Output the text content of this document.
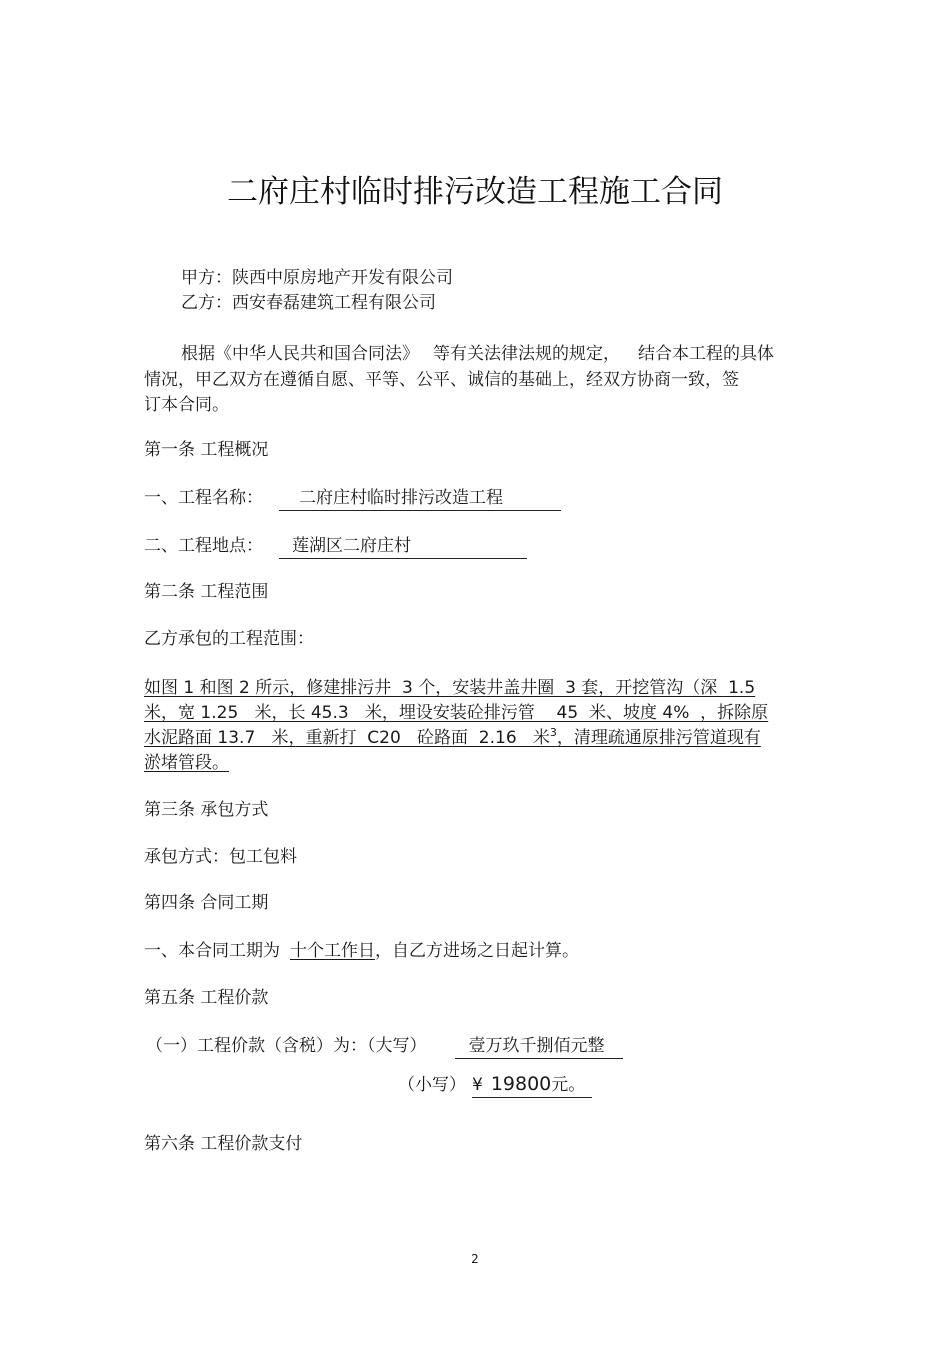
二府庄村临时排污改造工程施工合同
甲方：陕西中原房地产开发有限公司
乙方：西安春磊建筑工程有限公司
根据《中华人民共和国合同法》 等有关法律法规的规定， 结合本工程的具体
情况，甲乙双方在遵循自愿、平等、公平、诚信的基础上，经双方协商一致，签
订本合同。
第一条 工程概况
一、工程名称： 二府庄村临时排污改造工程
二、工程地点： 莲湖区二府庄村
第二条 工程范围
乙方承包的工程范围：
如图 1 和图 2 所示，修建排污井  3 个，安装井盖井圈  3 套，开挖管沟（深  1.5
米，宽 1.25   米，长 45.3   米，埋设安装砼排污管    45  米、坡度 4%  ，拆除原
水泥路面 13.7   米，重新打  C20   砼路面  2.16   米$^3$，清理疏通原排污管道现有
淤堵管段。
第三条 承包方式
承包方式：包工包料
第四条 合同工期
一、本合同工期为 十个工作日，自乙方进场之日起计算。
第五条 工程价款
（一）工程价款（含税）为：（大写） 壹万玖千捌佰元整
（小写） ¥ 19800元。
第六条 工程价款支付
2
